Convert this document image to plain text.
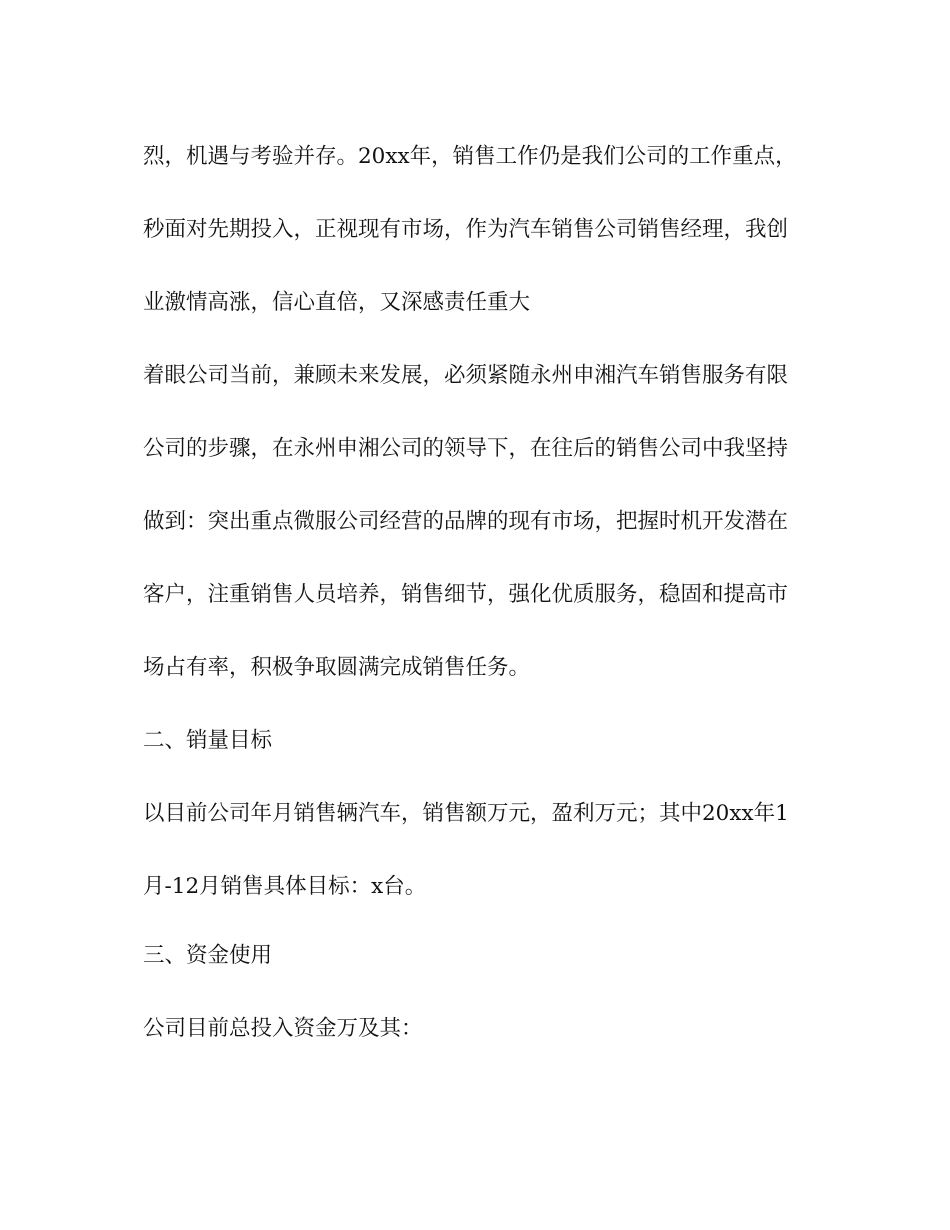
烈，机遇与考验并存。20xx年，销售工作仍是我们公司的工作重点，
秒面对先期投入，正视现有市场，作为汽车销售公司销售经理，我创
业激情高涨，信心直倍，又深感责任重大
着眼公司当前，兼顾未来发展，必须紧随永州申湘汽车销售服务有限
公司的步骤，在永州申湘公司的领导下，在往后的销售公司中我坚持
做到：突出重点微服公司经营的品牌的现有市场，把握时机开发潜在
客户，注重销售人员培养，销售细节，强化优质服务，稳固和提高市
场占有率，积极争取圆满完成销售任务。
二、销量目标
以目前公司年月销售辆汽车，销售额万元，盈利万元；其中20xx年1
月-12月销售具体目标：x台。
三、资金使用
公司目前总投入资金万及其：
